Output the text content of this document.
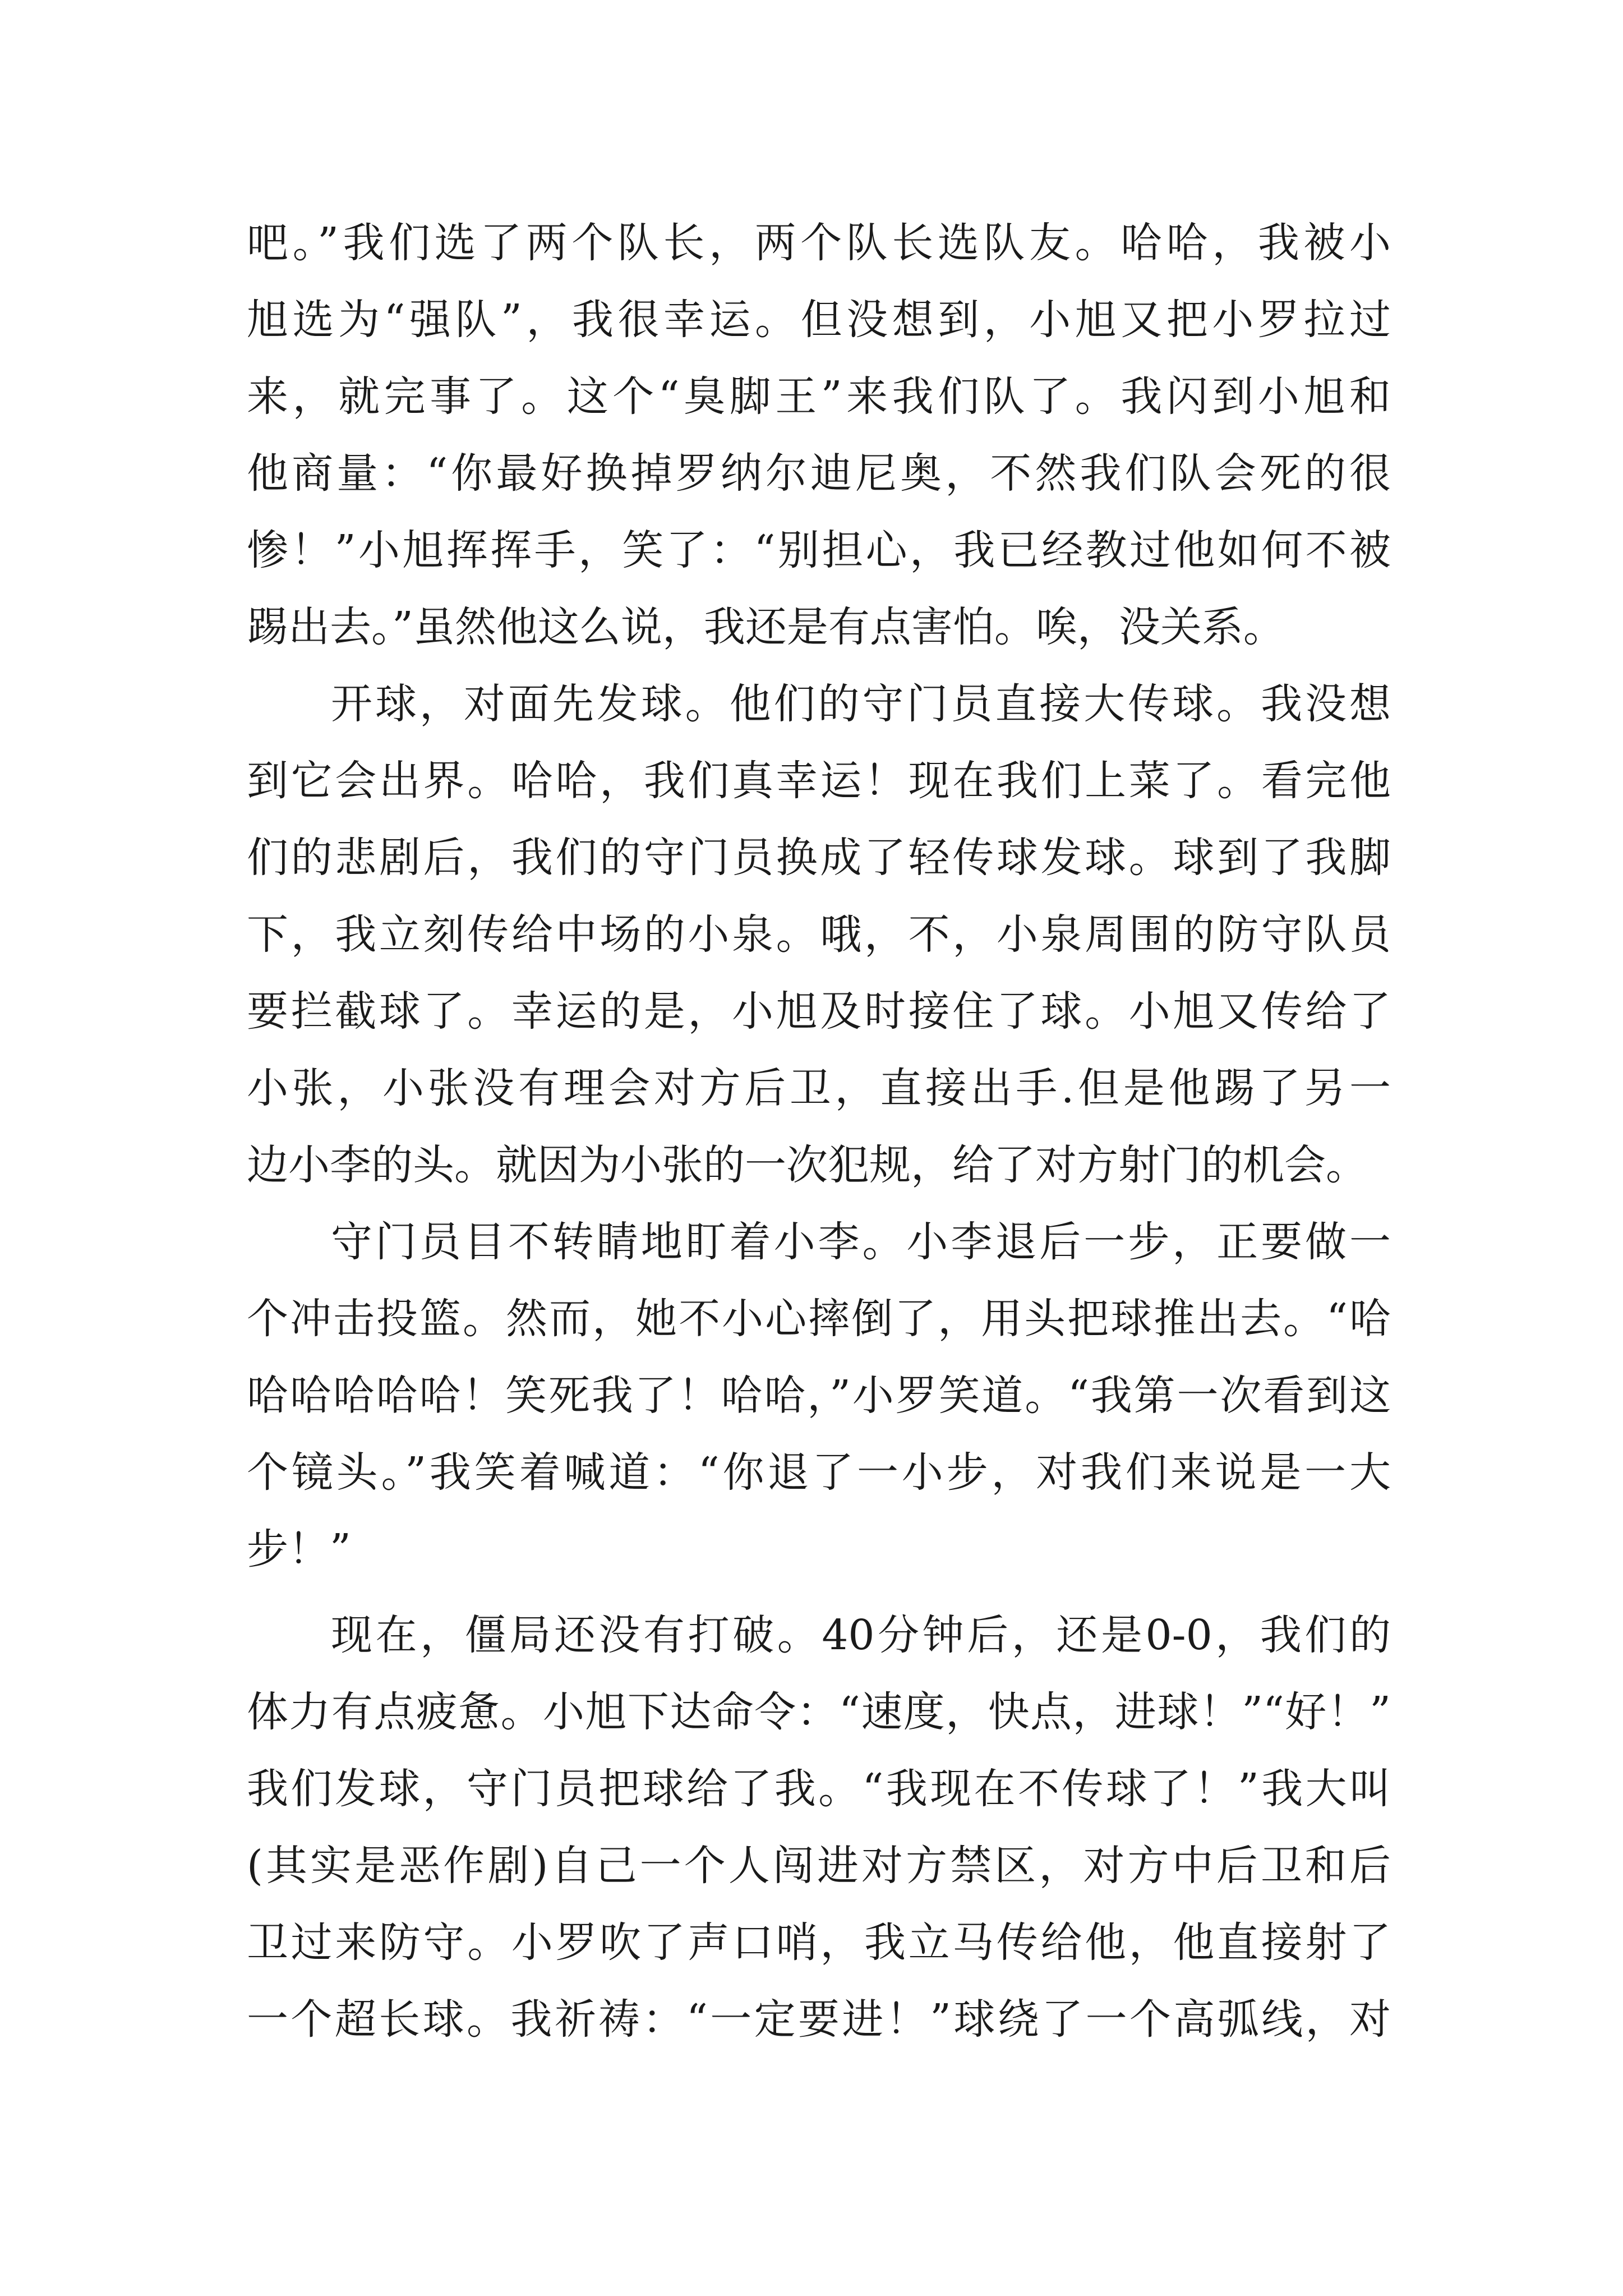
吧。”我们选了两个队长，两个队长选队友。哈哈，我被小
旭选为“强队”，我很幸运。但没想到，小旭又把小罗拉过
来，就完事了。这个“臭脚王”来我们队了。我闪到小旭和
他商量：“你最好换掉罗纳尔迪尼奥，不然我们队会死的很
惨！”小旭挥挥手，笑了：“别担心，我已经教过他如何不被
踢出去。”虽然他这么说，我还是有点害怕。唉，没关系。
开球，对面先发球。他们的守门员直接大传球。我没想
到它会出界。哈哈，我们真幸运！现在我们上菜了。看完他
们的悲剧后，我们的守门员换成了轻传球发球。球到了我脚
下，我立刻传给中场的小泉。哦，不，小泉周围的防守队员
要拦截球了。幸运的是，小旭及时接住了球。小旭又传给了
小张，小张没有理会对方后卫，直接出手.但是他踢了另一
边小李的头。就因为小张的一次犯规，给了对方射门的机会。
守门员目不转睛地盯着小李。小李退后一步，正要做一
个冲击投篮。然而，她不小心摔倒了，用头把球推出去。“哈
哈哈哈哈哈！笑死我了！哈哈，”小罗笑道。“我第一次看到这
个镜头。”我笑着喊道：“你退了一小步，对我们来说是一大
步！”
现在，僵局还没有打破。40分钟后，还是0-0，我们的
体力有点疲惫。小旭下达命令：“速度，快点，进球！”“好！”
我们发球，守门员把球给了我。“我现在不传球了！”我大叫
(其实是恶作剧)自己一个人闯进对方禁区，对方中后卫和后
卫过来防守。小罗吹了声口哨，我立马传给他，他直接射了
一个超长球。我祈祷：“一定要进！”球绕了一个高弧线，对
